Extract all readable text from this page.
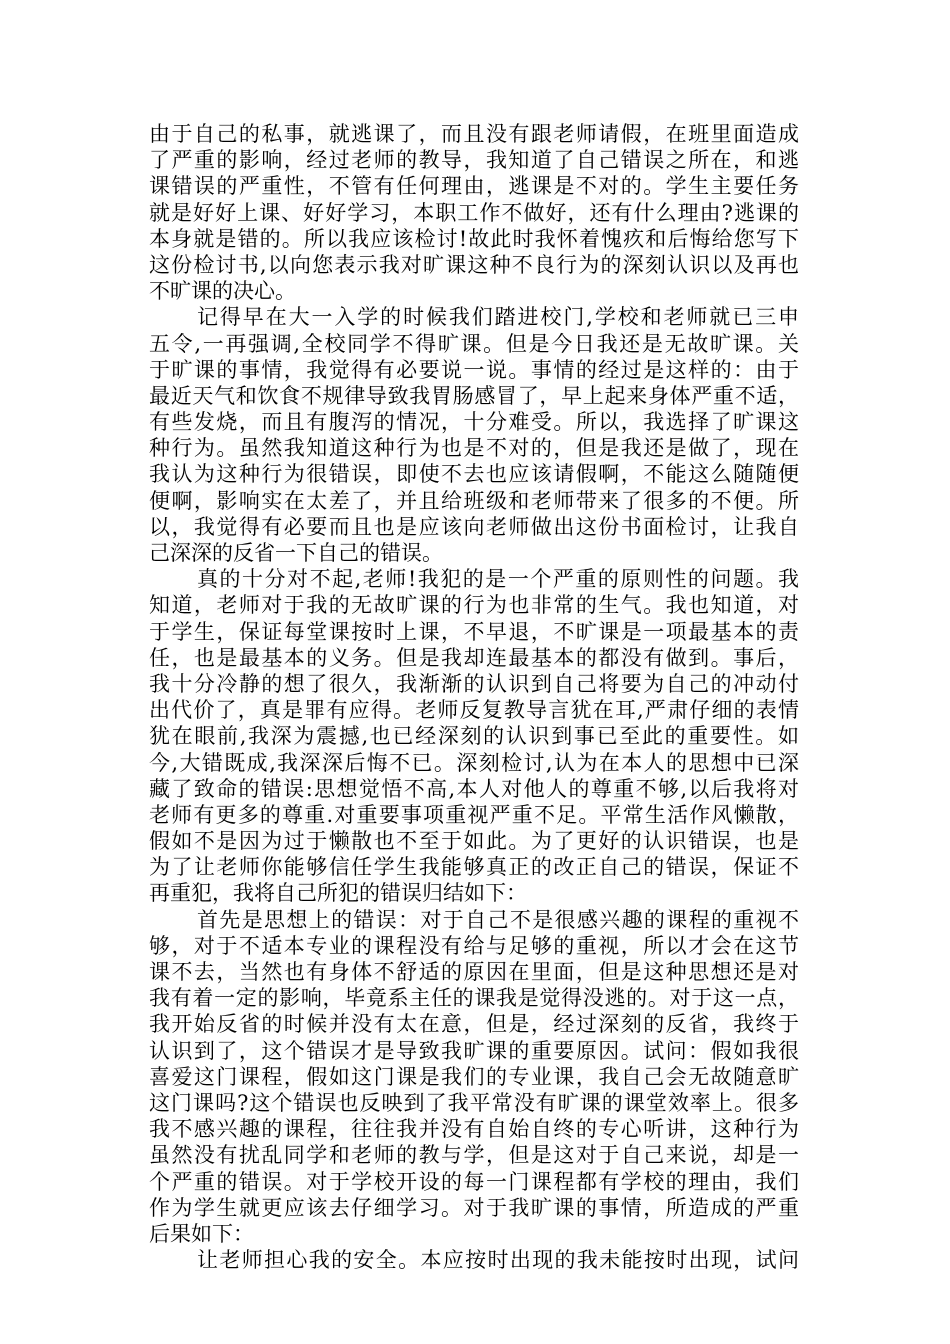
由于自己的私事，就逃课了，而且没有跟老师请假，在班里面造成
了严重的影响，经过老师的教导，我知道了自己错误之所在，和逃
课错误的严重性，不管有任何理由，逃课是不对的。学生主要任务
就是好好上课、好好学习，本职工作不做好，还有什么理由?逃课的
本身就是错的。所以我应该检讨!故此时我怀着愧疚和后悔给您写下
这份检讨书,以向您表示我对旷课这种不良行为的深刻认识以及再也
不旷课的决心。
记得早在大一入学的时候我们踏进校门,学校和老师就已三申
五令,一再强调,全校同学不得旷课。但是今日我还是无故旷课。关
于旷课的事情，我觉得有必要说一说。事情的经过是这样的：由于
最近天气和饮食不规律导致我胃肠感冒了，早上起来身体严重不适，
有些发烧，而且有腹泻的情况，十分难受。所以，我选择了旷课这
种行为。虽然我知道这种行为也是不对的，但是我还是做了，现在
我认为这种行为很错误，即使不去也应该请假啊，不能这么随随便
便啊，影响实在太差了，并且给班级和老师带来了很多的不便。所
以，我觉得有必要而且也是应该向老师做出这份书面检讨，让我自
己深深的反省一下自己的错误。
真的十分对不起,老师!我犯的是一个严重的原则性的问题。我
知道，老师对于我的无故旷课的行为也非常的生气。我也知道，对
于学生，保证每堂课按时上课，不早退，不旷课是一项最基本的责
任，也是最基本的义务。但是我却连最基本的都没有做到。事后，
我十分冷静的想了很久，我渐渐的认识到自己将要为自己的冲动付
出代价了，真是罪有应得。老师反复教导言犹在耳,严肃仔细的表情
犹在眼前,我深为震撼,也已经深刻的认识到事已至此的重要性。如
今,大错既成,我深深后悔不已。深刻检讨,认为在本人的思想中已深
藏了致命的错误:思想觉悟不高,本人对他人的尊重不够,以后我将对
老师有更多的尊重.对重要事项重视严重不足。平常生活作风懒散，
假如不是因为过于懒散也不至于如此。为了更好的认识错误，也是
为了让老师你能够信任学生我能够真正的改正自己的错误，保证不
再重犯，我将自己所犯的错误归结如下：
首先是思想上的错误：对于自己不是很感兴趣的课程的重视不
够，对于不适本专业的课程没有给与足够的重视，所以才会在这节
课不去，当然也有身体不舒适的原因在里面，但是这种思想还是对
我有着一定的影响，毕竟系主任的课我是觉得没逃的。对于这一点，
我开始反省的时候并没有太在意，但是，经过深刻的反省，我终于
认识到了，这个错误才是导致我旷课的重要原因。试问：假如我很
喜爱这门课程，假如这门课是我们的专业课，我自己会无故随意旷
这门课吗?这个错误也反映到了我平常没有旷课的课堂效率上。很多
我不感兴趣的课程，往往我并没有自始自终的专心听讲，这种行为
虽然没有扰乱同学和老师的教与学，但是这对于自己来说，却是一
个严重的错误。对于学校开设的每一门课程都有学校的理由，我们
作为学生就更应该去仔细学习。对于我旷课的事情，所造成的严重
后果如下：
让老师担心我的安全。本应按时出现的我未能按时出现，试问
